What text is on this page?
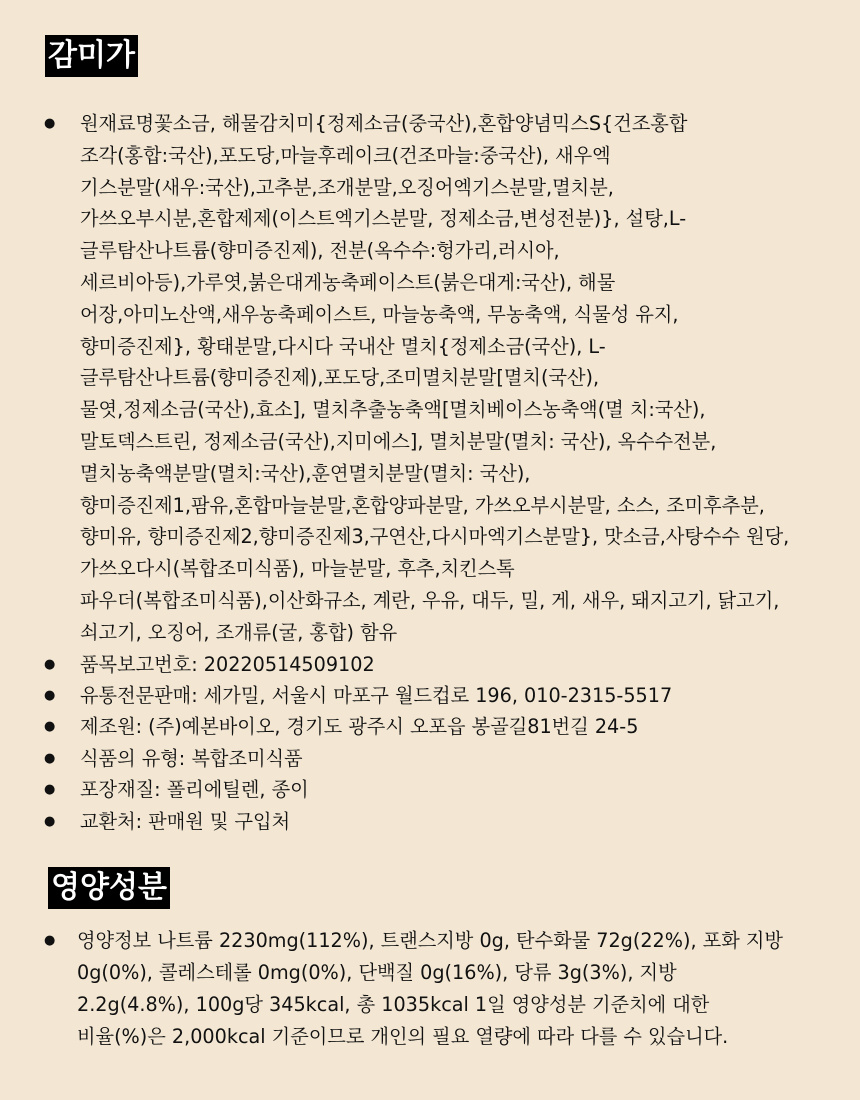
감미가
● 원재료명꽃소금, 해물감치미{정제소금(중국산),혼합양념믹스S{건조홍합
조각(홍합:국산),포도당,마늘후레이크(건조마늘:중국산), 새우엑
기스분말(새우:국산),고추분,조개분말,오징어엑기스분말,멸치분,
가쓰오부시분,혼합제제(이스트엑기스분말, 정제소금,변성전분)}, 설탕,L-
글루탐산나트륨(향미증진제), 전분(옥수수:헝가리,러시아,
세르비아등),가루엿,붉은대게농축페이스트(붉은대게:국산), 해물
어장,아미노산액,새우농축페이스트, 마늘농축액, 무농축액, 식물성 유지,
향미증진제}, 황태분말,다시다 국내산 멸치{정제소금(국산), L-
글루탐산나트륨(향미증진제),포도당,조미멸치분말[멸치(국산),
물엿,정제소금(국산),효소], 멸치추출농축액[멸치베이스농축액(멸 치:국산),
말토덱스트린, 정제소금(국산),지미에스], 멸치분말(멸치: 국산), 옥수수전분,
멸치농축액분말(멸치:국산),훈연멸치분말(멸치: 국산),
향미증진제1,팜유,혼합마늘분말,혼합양파분말, 가쓰오부시분말, 소스, 조미후추분,
향미유, 향미증진제2,향미증진제3,구연산,다시마엑기스분말}, 맛소금,사탕수수 원당,
가쓰오다시(복합조미식품), 마늘분말, 후추,치킨스톡
파우더(복합조미식품),이산화규소, 계란, 우유, 대두, 밀, 게, 새우, 돼지고기, 닭고기,
쇠고기, 오징어, 조개류(굴, 홍합) 함유
● 품목보고번호: 20220514509102
● 유통전문판매: 세가밀, 서울시 마포구 월드컵로 196, 010-2315-5517
● 제조원: (주)예본바이오, 경기도 광주시 오포읍 봉골길81번길 24-5
● 식품의 유형: 복합조미식품
● 포장재질: 폴리에틸렌, 종이
● 교환처: 판매원 및 구입처
영양성분
● 영양정보 나트륨 2230mg(112%), 트랜스지방 0g, 탄수화물 72g(22%), 포화 지방
0g(0%), 콜레스테롤 0mg(0%), 단백질 0g(16%), 당류 3g(3%), 지방
2.2g(4.8%), 100g당 345kcal, 총 1035kcal 1일 영양성분 기준치에 대한
비율(%)은 2,000kcal 기준이므로 개인의 필요 열량에 따라 다를 수 있습니다.
